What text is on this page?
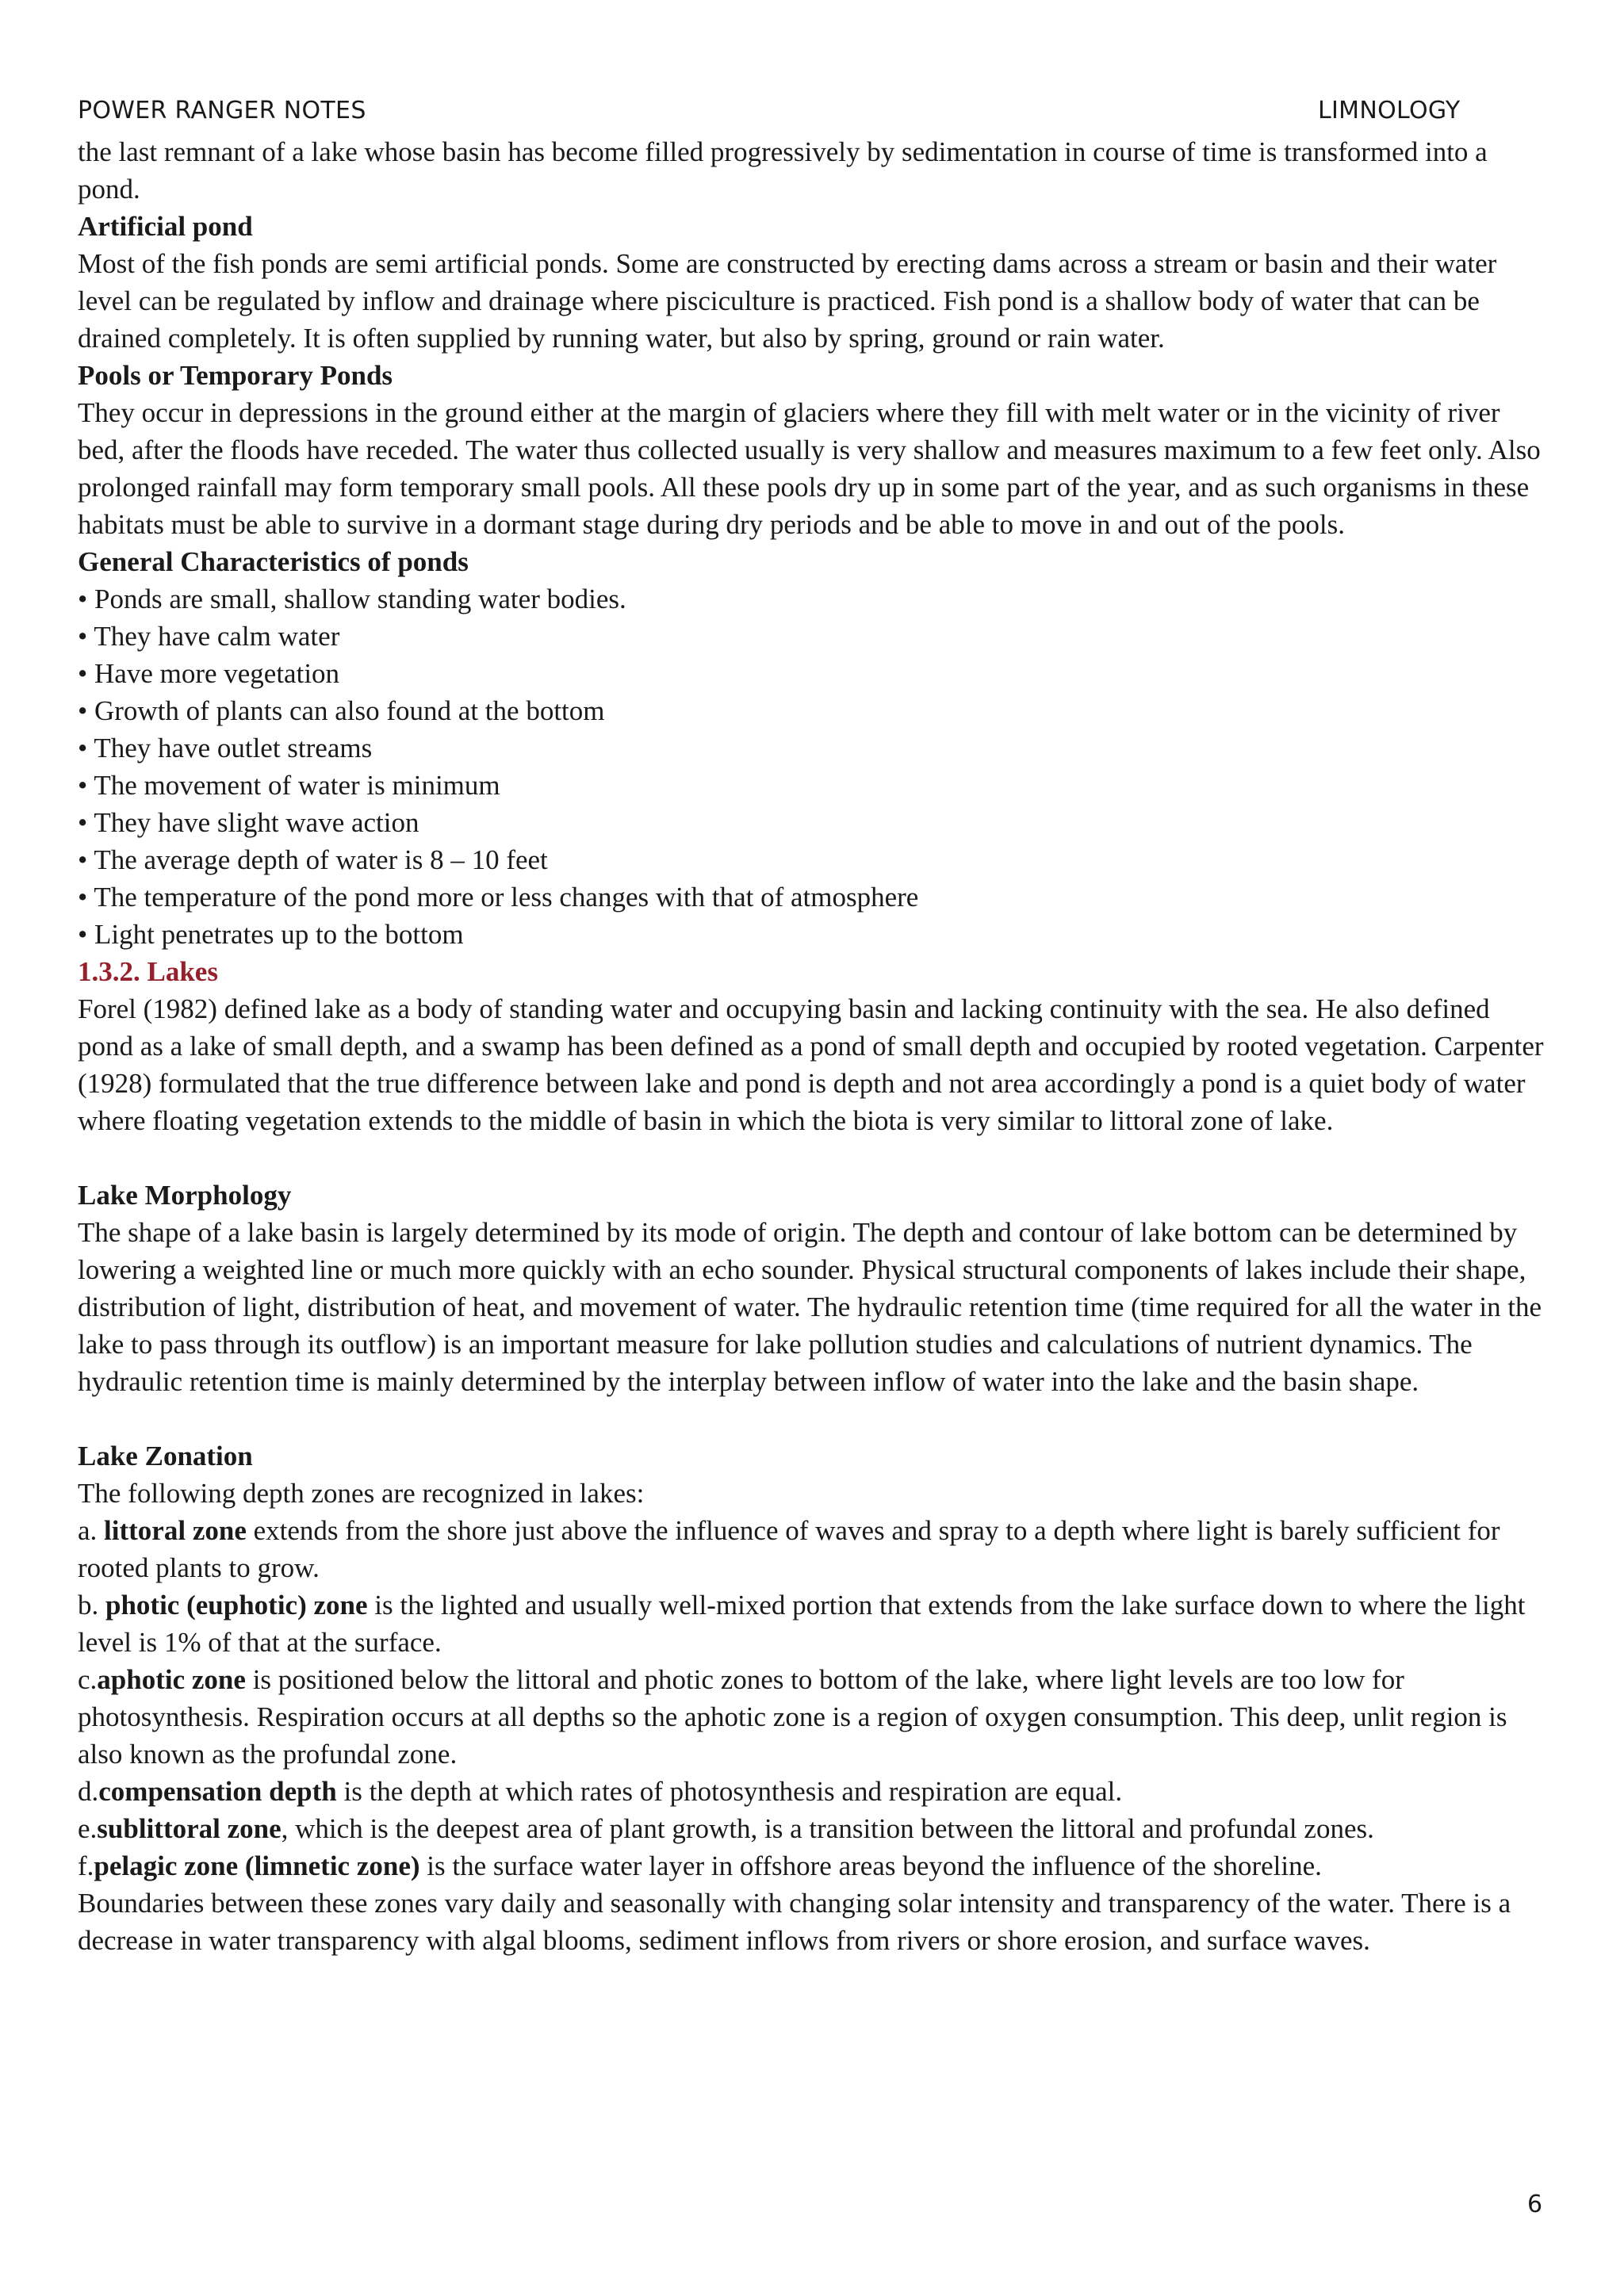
POWER RANGER NOTES	LIMNOLOGY

the last remnant of a lake whose basin has become filled progressively by sedimentation in course of time is transformed into a pond.

Artificial pond

Most of the fish ponds are semi artificial ponds. Some are constructed by erecting dams across a stream or basin and their water level can be regulated by inflow and drainage where pisciculture is practiced. Fish pond is a shallow body of water that can be drained completely. It is often supplied by running water, but also by spring, ground or rain water.

Pools or Temporary Ponds

They occur in depressions in the ground either at the margin of glaciers where they fill with melt water or in the vicinity of river bed, after the floods have receded. The water thus collected usually is very shallow and measures maximum to a few feet only. Also prolonged rainfall may form temporary small pools. All these pools dry up in some part of the year, and as such organisms in these habitats must be able to survive in a dormant stage during dry periods and be able to move in and out of the pools.

General Characteristics of ponds

• Ponds are small, shallow standing water bodies.

• They have calm water

• Have more vegetation

• Growth of plants can also found at the bottom

• They have outlet streams

• The movement of water is minimum

• They have slight wave action

• The average depth of water is 8 – 10 feet

• The temperature of the pond more or less changes with that of atmosphere

• Light penetrates up to the bottom

1.3.2. Lakes

Forel (1982) defined lake as a body of standing water and occupying basin and lacking continuity with the sea. He also defined pond as a lake of small depth, and a swamp has been defined as a pond of small depth and occupied by rooted vegetation. Carpenter (1928) formulated that the true difference between lake and pond is depth and not area accordingly a pond is a quiet body of water where floating vegetation extends to the middle of basin in which the biota is very similar to littoral zone of lake.

Lake Morphology

The shape of a lake basin is largely determined by its mode of origin. The depth and contour of lake bottom can be determined by lowering a weighted line or much more quickly with an echo sounder. Physical structural components of lakes include their shape, distribution of light, distribution of heat, and movement of water. The hydraulic retention time (time required for all the water in the lake to pass through its outflow) is an important measure for lake pollution studies and calculations of nutrient dynamics. The hydraulic retention time is mainly determined by the interplay between inflow of water into the lake and the basin shape.

Lake Zonation

The following depth zones are recognized in lakes:

a. littoral zone extends from the shore just above the influence of waves and spray to a depth where light is barely sufficient for rooted plants to grow.

b. photic (euphotic) zone is the lighted and usually well-mixed portion that extends from the lake surface down to where the light level is 1% of that at the surface.

c.aphotic zone is positioned below the littoral and photic zones to bottom of the lake, where light levels are too low for photosynthesis. Respiration occurs at all depths so the aphotic zone is a region of oxygen consumption. This deep, unlit region is also known as the profundal zone.

d.compensation depth is the depth at which rates of photosynthesis and respiration are equal.

e.sublittoral zone, which is the deepest area of plant growth, is a transition between the littoral and profundal zones.

f.pelagic zone (limnetic zone) is the surface water layer in offshore areas beyond the influence of the shoreline.

Boundaries between these zones vary daily and seasonally with changing solar intensity and transparency of the water. There is a decrease in water transparency with algal blooms, sediment inflows from rivers or shore erosion, and surface waves.

6
